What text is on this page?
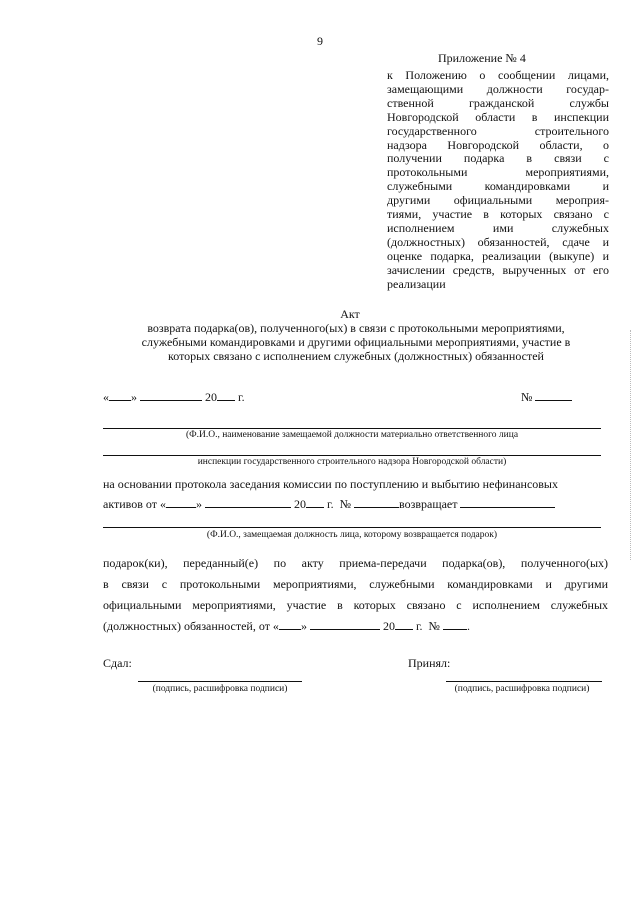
9
Приложение № 4
к Положению о сообщении лицами,
замещающими должности государ-
ственной гражданской службы
Новгородской области в инспекции
государственного строительного
надзора Новгородской области, о
получении подарка в связи с
протокольными мероприятиями,
служебными командировками и
другими официальными мероприя-
тиями, участие в которых связано с
исполнением ими служебных
(должностных) обязанностей, сдаче и
оценке подарка, реализации (выкупе) и
зачислении средств, вырученных от его
реализации
Акт
возврата подарка(ов), полученного(ых) в связи с протокольными мероприятиями,
служебными командировками и другими официальными мероприятиями, участие в
которых связано с исполнением служебных (должностных) обязанностей
« »	20 г.	№
(Ф.И.О., наименование замещаемой должности материально ответственного лица
инспекции государственного строительного надзора Новгородской области)
на основании протокола заседания комиссии по поступлению и выбытию нефинансовых
активов от «	»	20 г. №	возвращает
(Ф.И.О., замещаемая должность лица, которому возвращается подарок)
подарок(ки), переданный(е) по акту приема-передачи подарка(ов), полученного(ых)
в связи с протокольными мероприятиями, служебными командировками и другими
официальными мероприятиями, участие в которых связано с исполнением служебных
(должностных) обязанностей, от « »	20 г. № .
Сдал:
(подпись, расшифровка подписи)
Принял:
(подпись, расшифровка подписи)
